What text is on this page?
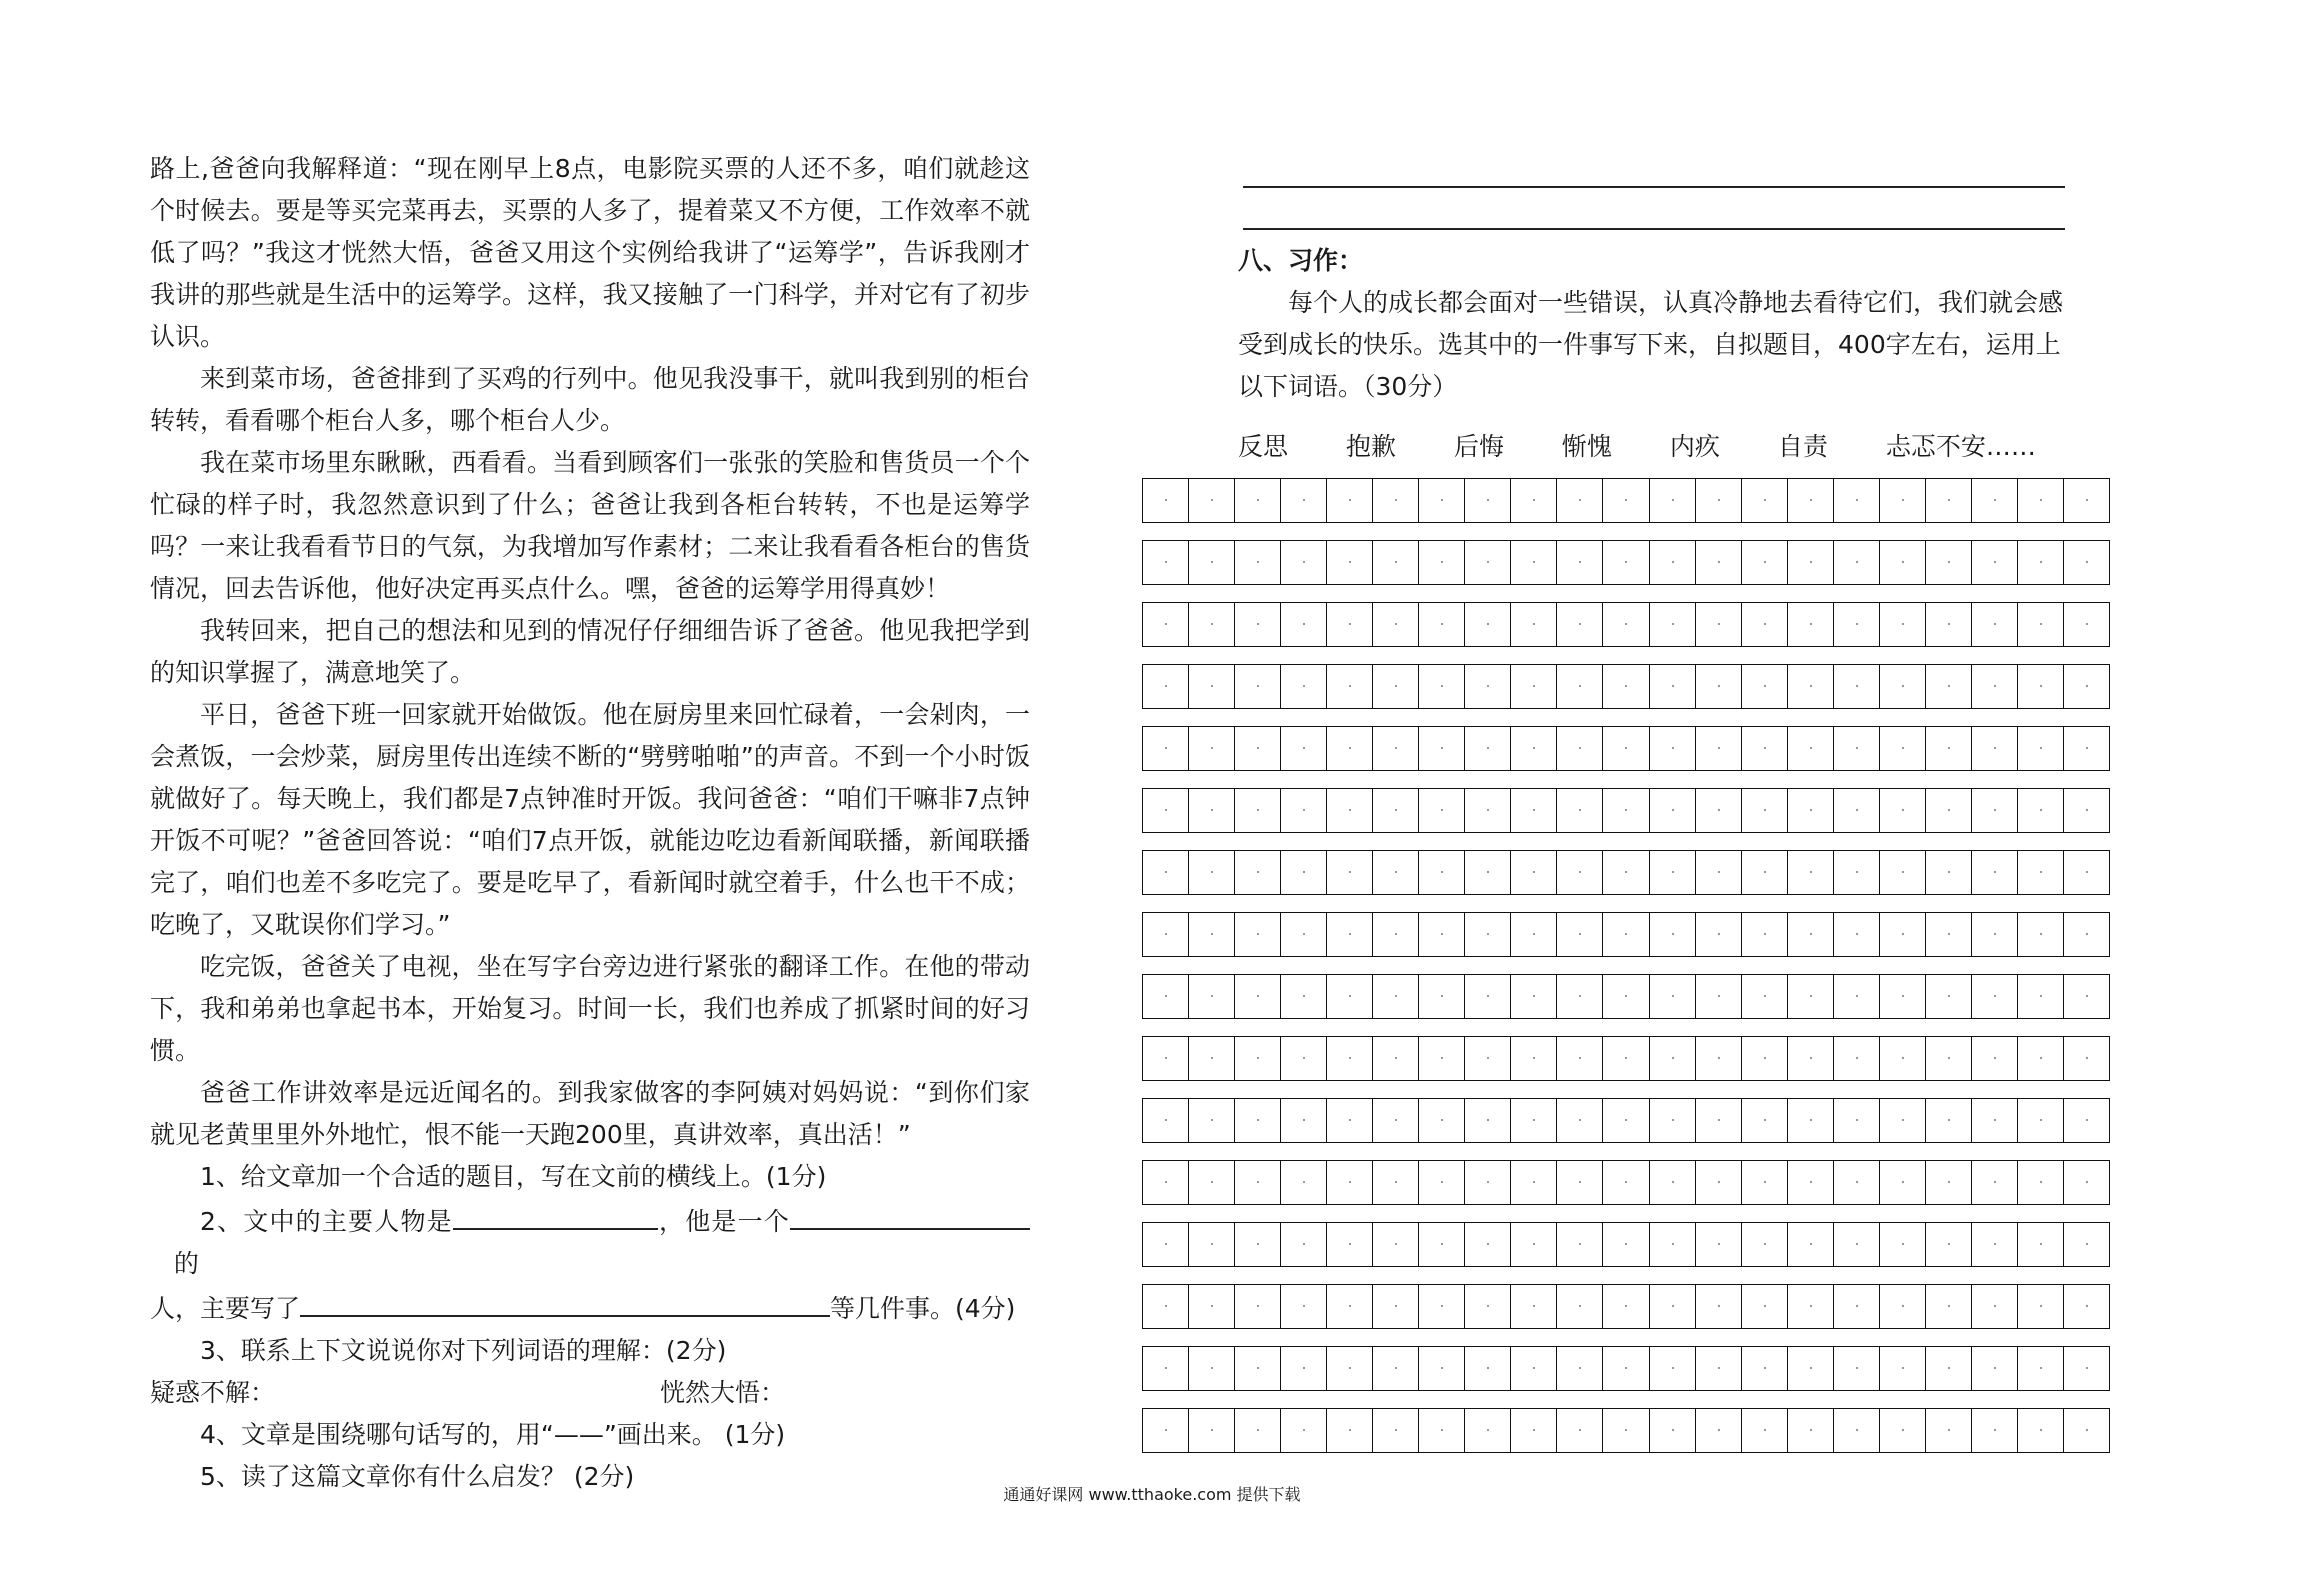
路上,爸爸向我解释道：“现在刚早上8点，电影院买票的人还不多，咱们就趁这个时候去。要是等买完菜再去，买票的人多了，提着菜又不方便，工作效率不就低了吗？”我这才恍然大悟，爸爸又用这个实例给我讲了“运筹学”，告诉我刚才我讲的那些就是生活中的运筹学。这样，我又接触了一门科学，并对它有了初步认识。

来到菜市场，爸爸排到了买鸡的行列中。他见我没事干，就叫我到别的柜台转转，看看哪个柜台人多，哪个柜台人少。

我在菜市场里东瞅瞅，西看看。当看到顾客们一张张的笑脸和售货员一个个忙碌的样子时，我忽然意识到了什么；爸爸让我到各柜台转转，不也是运筹学吗？一来让我看看节日的气氛，为我增加写作素材；二来让我看看各柜台的售货情况，回去告诉他，他好决定再买点什么。嘿，爸爸的运筹学用得真妙！

我转回来，把自己的想法和见到的情况仔仔细细告诉了爸爸。他见我把学到的知识掌握了，满意地笑了。

平日，爸爸下班一回家就开始做饭。他在厨房里来回忙碌着，一会剁肉，一会煮饭，一会炒菜，厨房里传出连续不断的“劈劈啪啪”的声音。不到一个小时饭就做好了。每天晚上，我们都是7点钟准时开饭。我问爸爸：“咱们干嘛非7点钟开饭不可呢？”爸爸回答说：“咱们7点开饭，就能边吃边看新闻联播，新闻联播完了，咱们也差不多吃完了。要是吃早了，看新闻时就空着手，什么也干不成；吃晚了，又耽误你们学习。”

吃完饭，爸爸关了电视，坐在写字台旁边进行紧张的翻译工作。在他的带动下，我和弟弟也拿起书本，开始复习。时间一长，我们也养成了抓紧时间的好习惯。

爸爸工作讲效率是远近闻名的。到我家做客的李阿姨对妈妈说：“到你们家就见老黄里里外外地忙，恨不能一天跑200里，真讲效率，真出活！”

1、给文章加一个合适的题目，写在文前的横线上。(1分)

2、文中的主要人物是	，他是一个   的

人，主要写了	等几件事。(4分)

3、联系上下文说说你对下列词语的理解：(2分)

疑惑不解：	恍然大悟：

4、文章是围绕哪句话写的，用“——”画出来。 (1分)

5、读了这篇文章你有什么启发？ (2分)

八、习作：

每个人的成长都会面对一些错误，认真冷静地去看待它们，我们就会感受到成长的快乐。选其中的一件事写下来，自拟题目，400字左右，运用上以下词语。（30分）

反思 抱歉 后悔 惭愧 内疚 自责 忐忑不安……
通通好课网 www.tthaoke.com 提供下载
